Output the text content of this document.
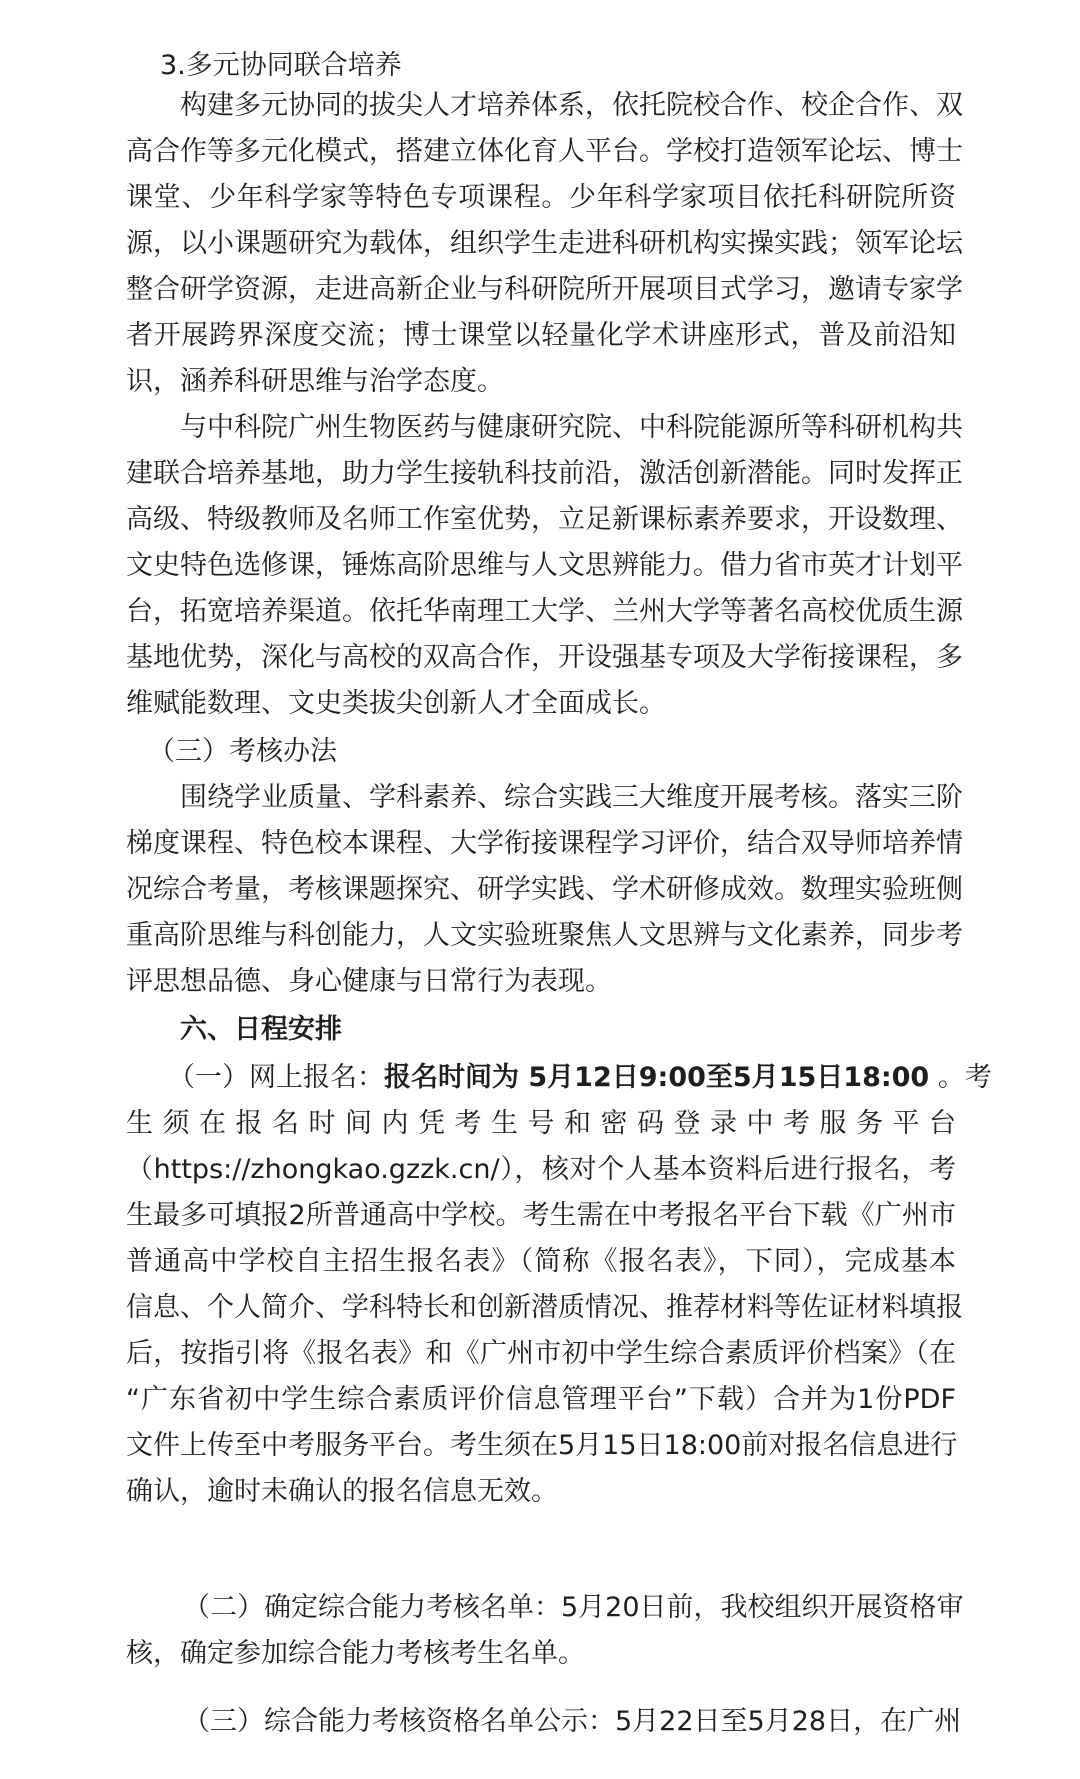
3.多元协同联合培养
构建多元协同的拔尖人才培养体系，依托院校合作、校企合作、双
高合作等多元化模式，搭建立体化育人平台。学校打造领军论坛、博士
课堂、少年科学家等特色专项课程。少年科学家项目依托科研院所资
源，以小课题研究为载体，组织学生走进科研机构实操实践；领军论坛
整合研学资源，走进高新企业与科研院所开展项目式学习，邀请专家学
者开展跨界深度交流；博士课堂以轻量化学术讲座形式，普及前沿知
识，涵养科研思维与治学态度。
与中科院广州生物医药与健康研究院、中科院能源所等科研机构共
建联合培养基地，助力学生接轨科技前沿，激活创新潜能。同时发挥正
高级、特级教师及名师工作室优势，立足新课标素养要求，开设数理、
文史特色选修课，锤炼高阶思维与人文思辨能力。借力省市英才计划平
台，拓宽培养渠道。依托华南理工大学、兰州大学等著名高校优质生源
基地优势，深化与高校的双高合作，开设强基专项及大学衔接课程，多
维赋能数理、文史类拔尖创新人才全面成长。
（三）考核办法
围绕学业质量、学科素养、综合实践三大维度开展考核。落实三阶
梯度课程、特色校本课程、大学衔接课程学习评价，结合双导师培养情
况综合考量，考核课题探究、研学实践、学术研修成效。数理实验班侧
重高阶思维与科创能力，人文实验班聚焦人文思辨与文化素养，同步考
评思想品德、身心健康与日常行为表现。
六、日程安排
（一）网上报名：报名时间为 5月12日9:00至5月15日18:00 。考
生须在报名时间内凭考生号和密码登录中考服务平台
（https://zhongkao.gzzk.cn/），核对个人基本资料后进行报名，考
生最多可填报2所普通高中学校。考生需在中考报名平台下载《广州市
普通高中学校自主招生报名表》（简称《报名表》，下同），完成基本
信息、个人简介、学科特长和创新潜质情况、推荐材料等佐证材料填报
后，按指引将《报名表》和《广州市初中学生综合素质评价档案》（在
“广东省初中学生综合素质评价信息管理平台”下载）合并为1份PDF
文件上传至中考服务平台。考生须在5月15日18:00前对报名信息进行
确认，逾时未确认的报名信息无效。
（二）确定综合能力考核名单：5月20日前，我校组织开展资格审
核，确定参加综合能力考核考生名单。
（三）综合能力考核资格名单公示：5月22日至5月28日，在广州
